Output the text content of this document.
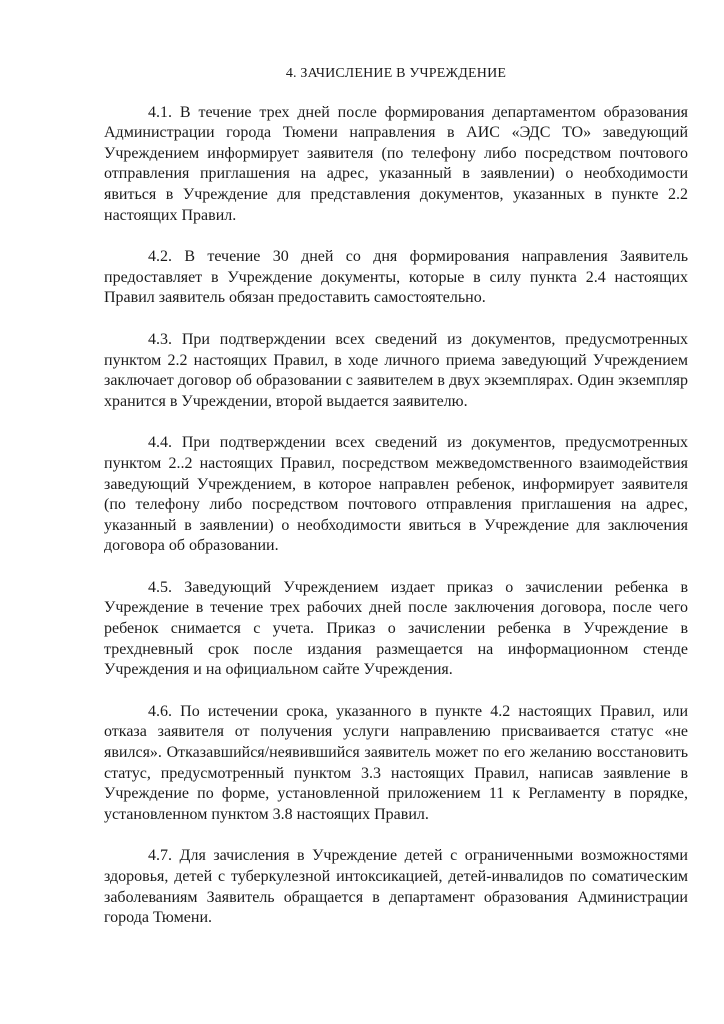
4. ЗАЧИСЛЕНИЕ В УЧРЕЖДЕНИЕ

4.1. В течение трех дней после формирования департаментом образования Администрации города Тюмени направления в АИС «ЭДС ТО» заведующий Учреждением информирует заявителя (по телефону либо посредством почтового отправления приглашения на адрес, указанный в заявлении) о необходимости явиться в Учреждение для представления документов, указанных в пункте 2.2 настоящих Правил.

4.2. В течение 30 дней со дня формирования направления Заявитель предоставляет в Учреждение документы, которые в силу пункта 2.4 настоящих Правил заявитель обязан предоставить самостоятельно.

4.3. При подтверждении всех сведений из документов, предусмотренных пунктом 2.2 настоящих Правил, в ходе личного приема заведующий Учреждением заключает договор об образовании с заявителем в двух экземплярах. Один экземпляр хранится в Учреждении, второй выдается заявителю.

4.4. При подтверждении всех сведений из документов, предусмотренных пунктом 2..2 настоящих Правил, посредством межведомственного взаимодействия заведующий Учреждением, в которое направлен ребенок, информирует заявителя (по телефону либо посредством почтового отправления приглашения на адрес, указанный в заявлении) о необходимости явиться в Учреждение для заключения договора об образовании.

4.5. Заведующий Учреждением издает приказ о зачислении ребенка в Учреждение в течение трех рабочих дней после заключения договора, после чего ребенок снимается с учета. Приказ о зачислении ребенка в Учреждение в трехдневный срок после издания размещается на информационном стенде Учреждения и на официальном сайте Учреждения.

4.6. По истечении срока, указанного в пункте 4.2 настоящих Правил, или отказа заявителя от получения услуги направлению присваивается статус «не явился». Отказавшийся/неявившийся заявитель может по его желанию восстановить статус, предусмотренный пунктом 3.3 настоящих Правил, написав заявление в Учреждение по форме, установленной приложением 11 к Регламенту в порядке, установленном пунктом 3.8 настоящих Правил.

4.7. Для зачисления в Учреждение детей с ограниченными возможностями здоровья, детей с туберкулезной интоксикацией, детей-инвалидов по соматическим заболеваниям Заявитель обращается в департамент образования Администрации города Тюмени.
